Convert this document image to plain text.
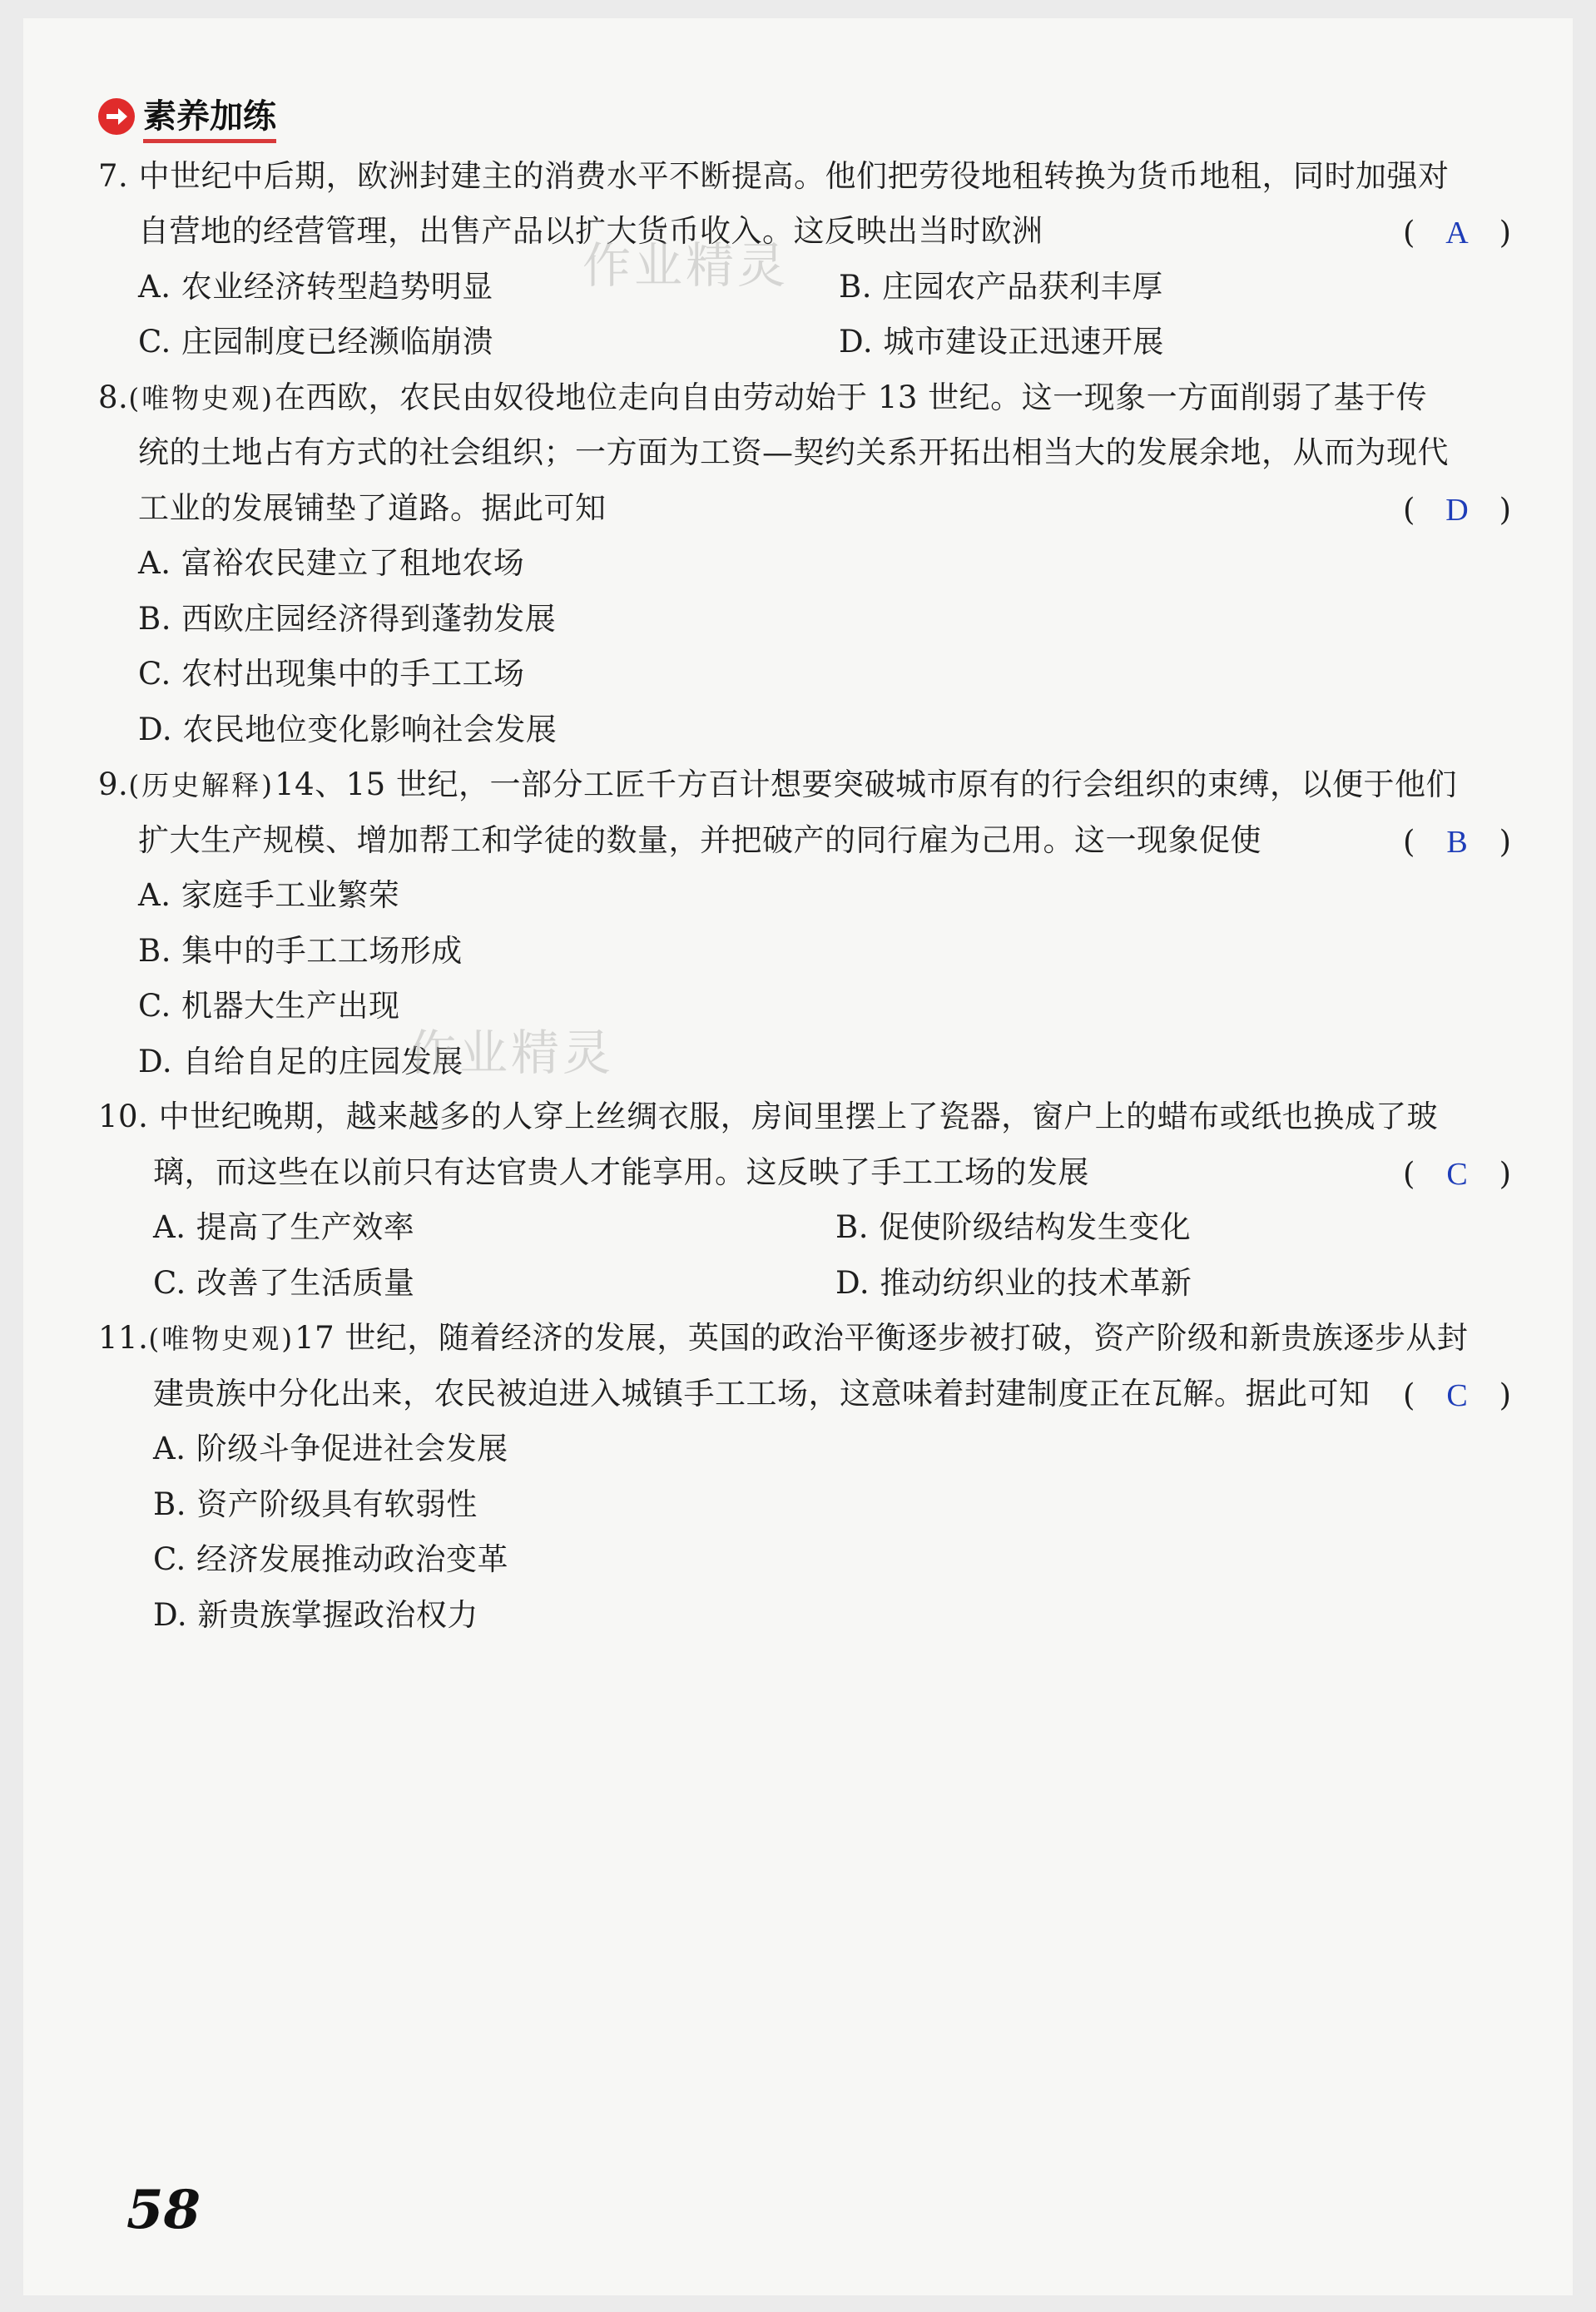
素养加练
7. 中世纪中后期，欧洲封建主的消费水平不断提高。他们把劳役地租转换为货币地租，同时加强对
自营地的经营管理，出售产品以扩大货币收入。这反映出当时欧洲	( A )
A. 农业经济转型趋势明显	B. 庄园农产品获利丰厚
C. 庄园制度已经濒临崩溃	D. 城市建设正迅速开展
8.(唯物史观)在西欧，农民由奴役地位走向自由劳动始于 13 世纪。这一现象一方面削弱了基于传
统的土地占有方式的社会组织；一方面为工资—契约关系开拓出相当大的发展余地，从而为现代
工业的发展铺垫了道路。据此可知	( D )
A. 富裕农民建立了租地农场
B. 西欧庄园经济得到蓬勃发展
C. 农村出现集中的手工工场
D. 农民地位变化影响社会发展
9.(历史解释)14、15 世纪，一部分工匠千方百计想要突破城市原有的行会组织的束缚，以便于他们
扩大生产规模、增加帮工和学徒的数量，并把破产的同行雇为己用。这一现象促使	( B	)
A. 家庭手工业繁荣
B. 集中的手工工场形成
C. 机器大生产出现
D. 自给自足的庄园发展
10. 中世纪晚期，越来越多的人穿上丝绸衣服，房间里摆上了瓷器，窗户上的蜡布或纸也换成了玻
璃，而这些在以前只有达官贵人才能享用。这反映了手工工场的发展	( C	)
A. 提高了生产效率	B. 促使阶级结构发生变化
C. 改善了生活质量	D. 推动纺织业的技术革新
11.(唯物史观)17 世纪，随着经济的发展，英国的政治平衡逐步被打破，资产阶级和新贵族逐步从封
建贵族中分化出来，农民被迫进入城镇手工工场，这意味着封建制度正在瓦解。据此可知 ( C	)
A. 阶级斗争促进社会发展
B. 资产阶级具有软弱性
C. 经济发展推动政治变革
D. 新贵族掌握政治权力
作业精灵
作业精灵
58
